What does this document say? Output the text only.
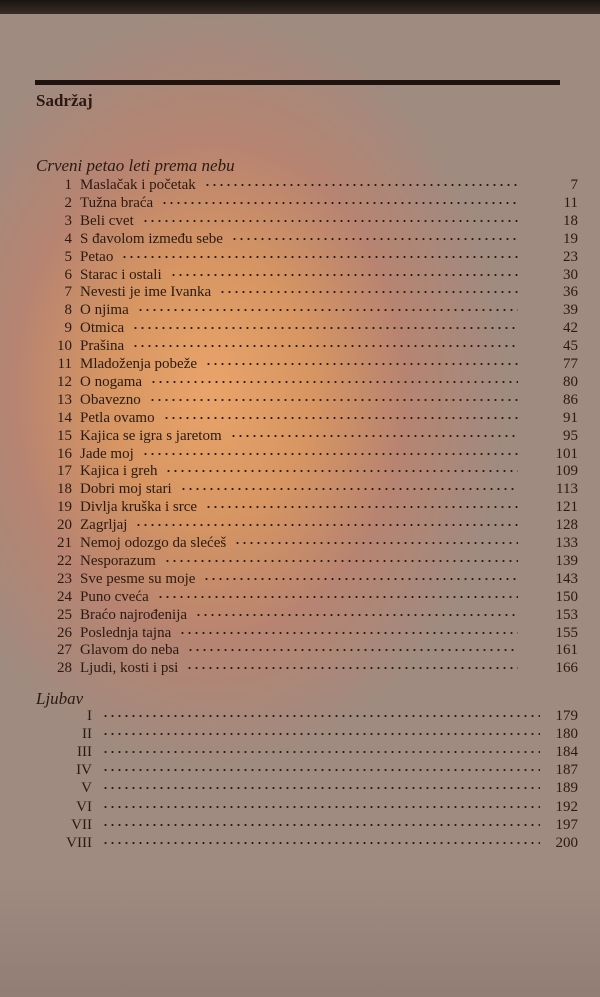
Sadržaj
Crveni petao leti prema nebu
1 Maslačak i početak	7
2 Tužna braća	11
3 Beli cvet	18
4 S đavolom između sebe	19
5 Petao	23
6 Starac i ostali	30
7 Nevesti je ime Ivanka	36
8 O njima	39
9 Otmica	42
10 Prašina	45
11 Mladoženja pobeže	77
12 O nogama	80
13 Obavezno	86
14 Petla ovamo	91
15 Kajica se igra s jaretom	95
16 Jade moj	101
17 Kajica i greh	109
18 Dobri moj stari	113
19 Divlja kruška i srce	121
20 Zagrljaj	128
21 Nemoj odozgo da slećeš	133
22 Nesporazum	139
23 Sve pesme su moje	143
24 Puno cveća	150
25 Braćo najrođenija	153
26 Poslednja tajna	155
27 Glavom do neba	161
28 Ljudi, kosti i psi	166
Ljubav
I	179
II	180
III	184
IV	187
V	189
VI	192
VII	197
VIII	200
